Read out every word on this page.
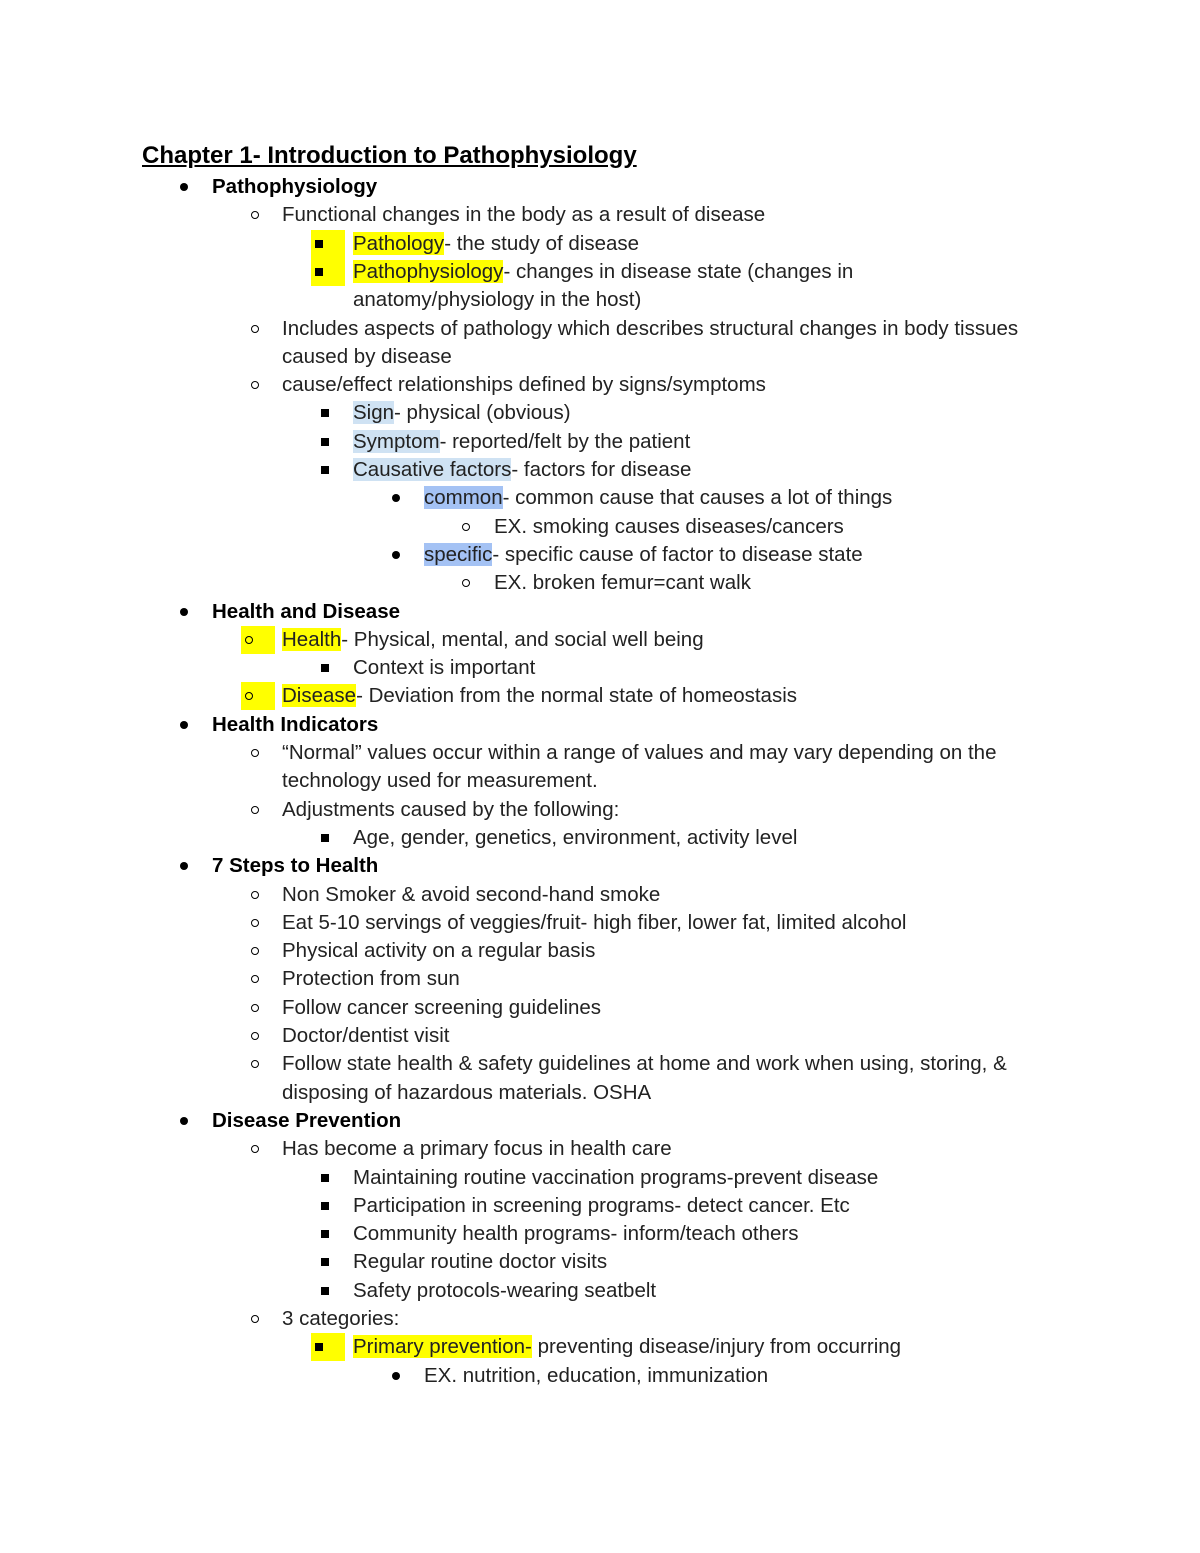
Chapter 1- Introduction to Pathophysiology
Pathophysiology
Functional changes in the body as a result of disease
Pathology- the study of disease
Pathophysiology- changes in disease state (changes in
anatomy/physiology in the host)
Includes aspects of pathology which describes structural changes in body tissues
caused by disease
cause/effect relationships defined by signs/symptoms
Sign- physical (obvious)
Symptom- reported/felt by the patient
Causative factors- factors for disease
common- common cause that causes a lot of things
EX. smoking causes diseases/cancers
specific- specific cause of factor to disease state
EX. broken femur=cant walk
Health and Disease
Health- Physical, mental, and social well being
Context is important
Disease- Deviation from the normal state of homeostasis
Health Indicators
“Normal” values occur within a range of values and may vary depending on the
technology used for measurement.
Adjustments caused by the following:
Age, gender, genetics, environment, activity level
7 Steps to Health
Non Smoker & avoid second-hand smoke
Eat 5-10 servings of veggies/fruit- high fiber, lower fat, limited alcohol
Physical activity on a regular basis
Protection from sun
Follow cancer screening guidelines
Doctor/dentist visit
Follow state health & safety guidelines at home and work when using, storing, &
disposing of hazardous materials. OSHA
Disease Prevention
Has become a primary focus in health care
Maintaining routine vaccination programs-prevent disease
Participation in screening programs- detect cancer. Etc
Community health programs- inform/teach others
Regular routine doctor visits
Safety protocols-wearing seatbelt
3 categories:
Primary prevention- preventing disease/injury from occurring
EX. nutrition, education, immunization
